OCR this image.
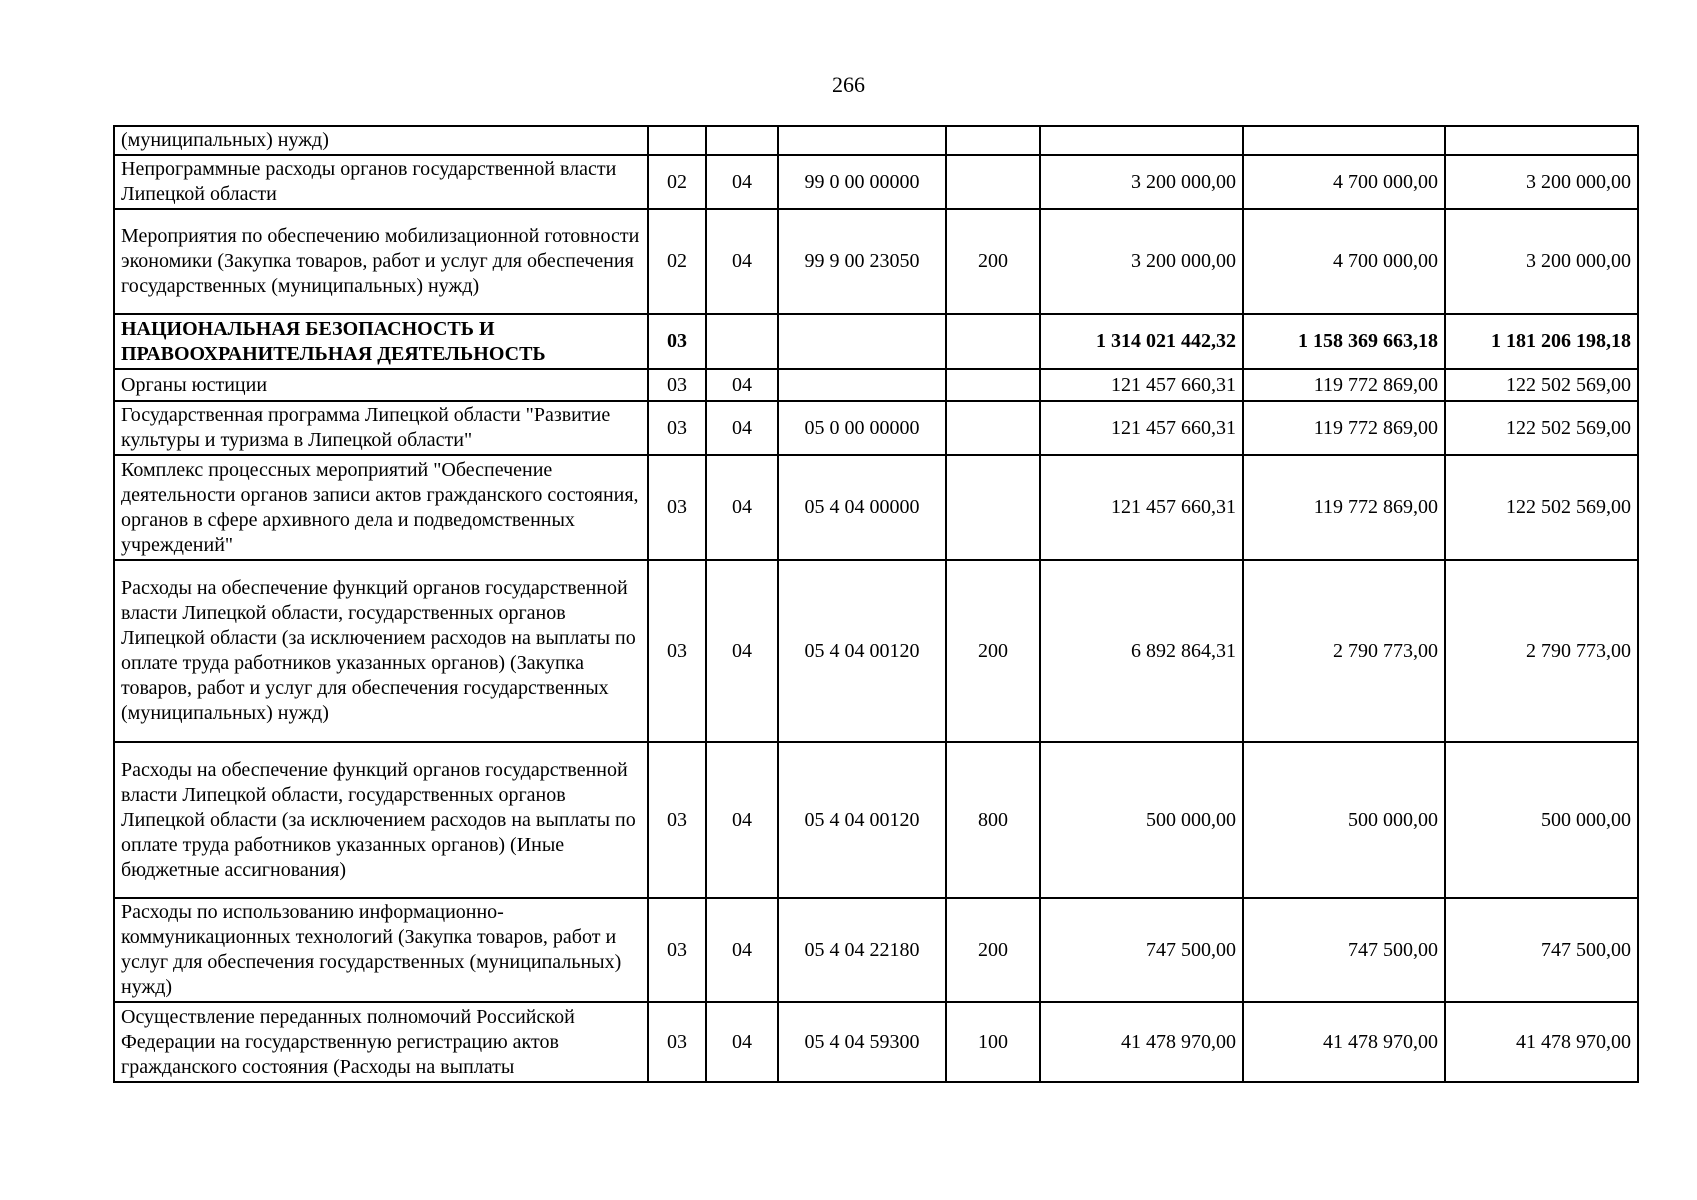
266
(муниципальных) нужд)							
Непрограммные расходы органов государственной власти Липецкой области	02	04	99 0 00 00000		3 200 000,00	4 700 000,00	3 200 000,00
Мероприятия по обеспечению мобилизационной готовности экономики (Закупка товаров, работ и услуг для обеспечения государственных (муниципальных) нужд)	02	04	99 9 00 23050	200	3 200 000,00	4 700 000,00	3 200 000,00
НАЦИОНАЛЬНАЯ БЕЗОПАСНОСТЬ И ПРАВООХРАНИТЕЛЬНАЯ ДЕЯТЕЛЬНОСТЬ	03				1 314 021 442,32	1 158 369 663,18	1 181 206 198,18
Органы юстиции	03	04			121 457 660,31	119 772 869,00	122 502 569,00
Государственная программа Липецкой области "Развитие культуры и туризма в Липецкой области"	03	04	05 0 00 00000		121 457 660,31	119 772 869,00	122 502 569,00
Комплекс процессных мероприятий "Обеспечение деятельности органов записи актов гражданского состояния, органов в сфере архивного дела и подведомственных учреждений"	03	04	05 4 04 00000		121 457 660,31	119 772 869,00	122 502 569,00
Расходы на обеспечение функций органов государственной власти Липецкой области, государственных органов Липецкой области (за исключением расходов на выплаты по оплате труда работников указанных органов) (Закупка товаров, работ и услуг для обеспечения государственных (муниципальных) нужд)	03	04	05 4 04 00120	200	6 892 864,31	2 790 773,00	2 790 773,00
Расходы на обеспечение функций органов государственной власти Липецкой области, государственных органов Липецкой области (за исключением расходов на выплаты по оплате труда работников указанных органов) (Иные бюджетные ассигнования)	03	04	05 4 04 00120	800	500 000,00	500 000,00	500 000,00
Расходы по использованию информационно-коммуникационных технологий (Закупка товаров, работ и услуг для обеспечения государственных (муниципальных) нужд)	03	04	05 4 04 22180	200	747 500,00	747 500,00	747 500,00
Осуществление переданных полномочий Российской Федерации на государственную регистрацию актов гражданского состояния (Расходы на выплаты	03	04	05 4 04 59300	100	41 478 970,00	41 478 970,00	41 478 970,00
